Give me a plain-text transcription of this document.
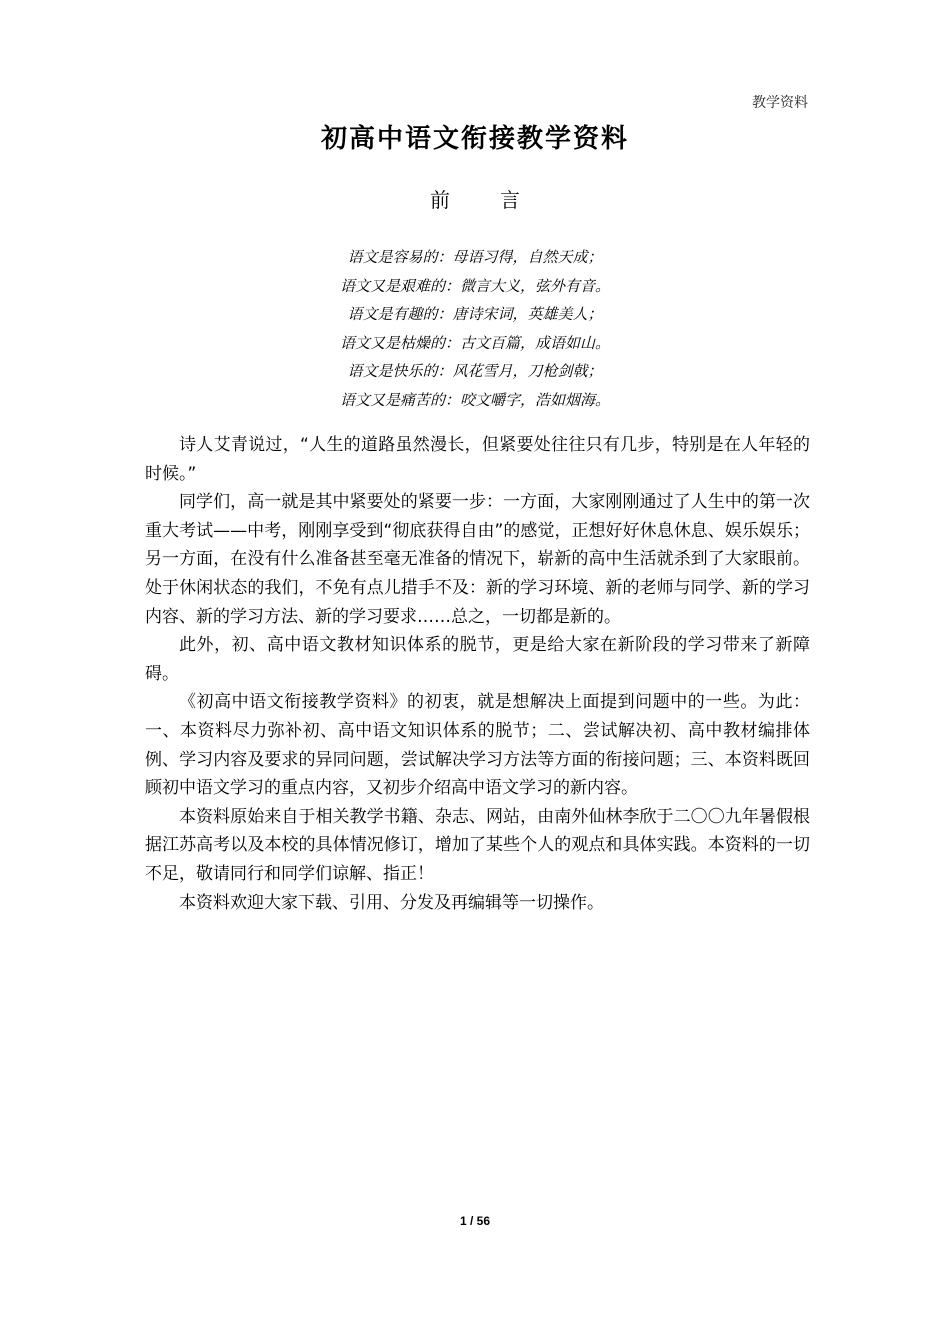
教学资料
初高中语文衔接教学资料
前	言
语文是容易的：母语习得，自然天成；
语文又是艰难的：微言大义，弦外有音。
语文是有趣的：唐诗宋词，英雄美人；
语文又是枯燥的：古文百篇，成语如山。
语文是快乐的：风花雪月，刀枪剑戟；
语文又是痛苦的：咬文嚼字，浩如烟海。

诗人艾青说过，“人生的道路虽然漫长，但紧要处往往只有几步，特别是在人年轻的时候。”

同学们，高一就是其中紧要处的紧要一步：一方面，大家刚刚通过了人生中的第一次重大考试——中考，刚刚享受到“彻底获得自由”的感觉，正想好好休息休息、娱乐娱乐；另一方面，在没有什么准备甚至毫无准备的情况下，崭新的高中生活就杀到了大家眼前。处于休闲状态的我们，不免有点儿措手不及：新的学习环境、新的老师与同学、新的学习内容、新的学习方法、新的学习要求……总之，一切都是新的。

此外，初、高中语文教材知识体系的脱节，更是给大家在新阶段的学习带来了新障碍。

《初高中语文衔接教学资料》的初衷，就是想解决上面提到问题中的一些。为此：一、本资料尽力弥补初、高中语文知识体系的脱节；二、尝试解决初、高中教材编排体例、学习内容及要求的异同问题，尝试解决学习方法等方面的衔接问题；三、本资料既回顾初中语文学习的重点内容，又初步介绍高中语文学习的新内容。

本资料原始来自于相关教学书籍、杂志、网站，由南外仙林李欣于二〇〇九年暑假根据江苏高考以及本校的具体情况修订，增加了某些个人的观点和具体实践。本资料的一切不足，敬请同行和同学们谅解、指正！

本资料欢迎大家下载、引用、分发及再编辑等一切操作。

1 / 56
